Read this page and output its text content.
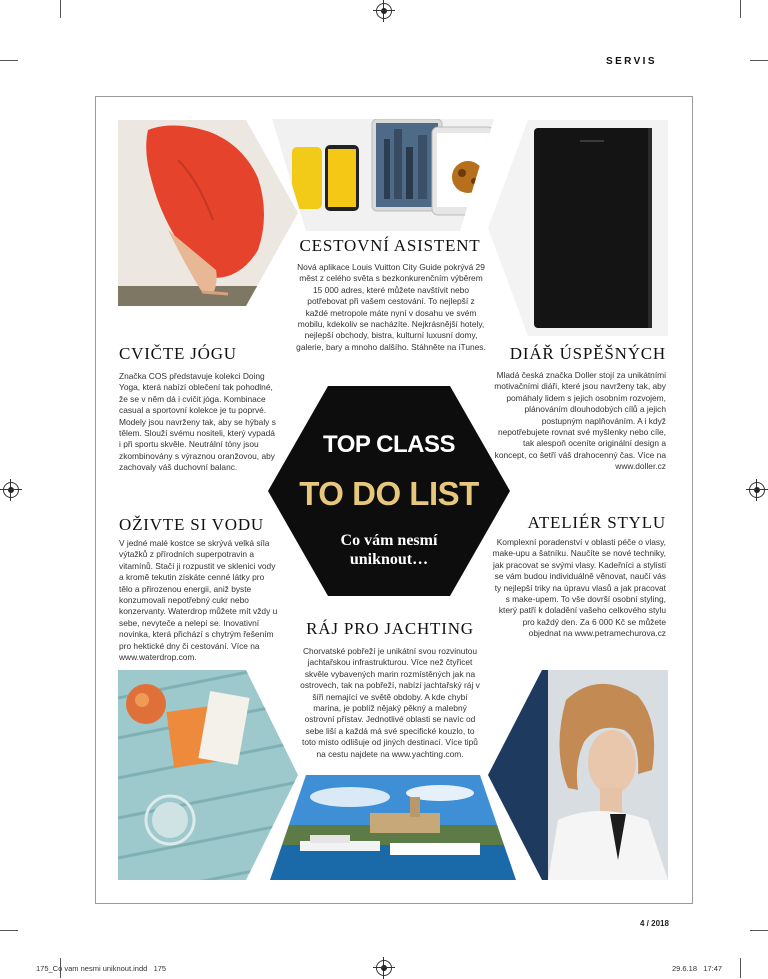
SERVIS
TOP CLASS
TO DO LIST
Co vám nesmí
uniknout…
CESTOVNÍ ASISTENT
Nová aplikace Louis Vuitton City Guide pokrývá 29 měst z celého světa s bezkonkurenčním výběrem 15 000 adres, které můžete navštívit nebo potřebovat při vašem cestování. To nejlepší z každé metropole máte nyní v dosahu ve svém mobilu, kdekoliv se nacházíte. Nejkrásnější hotely, nejlepší obchody, bistra, kulturní luxusní domy, galerie, bary a mnoho dalšího. Stáhněte na iTunes.
CVIČTE JÓGU
Značka COS představuje kolekci Doing Yoga, která nabízí oblečení tak pohodlné, že se v něm dá i cvičit jóga. Kombinace casual a sportovní kolekce je tu poprvé. Modely jsou navrženy tak, aby se hýbaly s tělem. Slouží svému nositeli, který vypadá i při sportu skvěle. Neutrální tóny jsou zkombinovány s výraznou oranžovou, aby zachovaly váš duchovní balanc.
DIÁŘ ÚSPĚŠNÝCH
Mladá česká značka Doller stojí za unikátními motivačními diáři, které jsou navrženy tak, aby pomáhaly lidem s jejich osobním rozvojem, plánováním dlouhodobých cílů a jejich postupným naplňováním. A i když nepotřebujete rovnat své myšlenky nebo cíle, tak alespoň oceníte originální design a koncept, co šetří váš drahocenný čas. Více na www.doller.cz
OŽIVTE SI VODU
V jedné malé kostce se skrývá velká síla výtažků z přírodních superpotravin a vitamínů. Stačí ji rozpustit ve sklenici vody a kromě tekutin získáte cenné látky pro tělo a přirozenou energii, aniž byste konzumovali nepotřebný cukr nebo konzervanty. Waterdrop můžete mít vždy u sebe, nevyteče a nelepí se. Inovativní novinka, která přichází s chytrým řešením pro hektické dny či cestování. Více na www.waterdrop.com.
ATELIÉR STYLU
Komplexní poradenství v oblasti péče o vlasy, make-upu a šatníku. Naučíte se nové techniky, jak pracovat se svými vlasy. Kadeřníci a stylisti se vám budou individuálně věnovat, naučí vás ty nejlepší triky na úpravu vlasů a jak pracovat s make-upem. To vše dovrší osobní styling, který patří k doladění vašeho celkového stylu pro každý den. Za 6 000 Kč se můžete objednat na www.petramechurova.cz
RÁJ PRO JACHTING
Chorvatské pobřeží je unikátní svou rozvinutou jachtařskou infrastrukturou. Více než čtyřicet skvěle vybavených marin rozmístěných jak na ostrovech, tak na pobřeží, nabízí jachtařský ráj v šíři nemající ve světě obdoby. A kde chybí marina, je poblíž nějaký pěkný a malebný ostrovní přístav. Jednotlivé oblasti se navíc od sebe liší a každá má své specifické kouzlo, to toto místo odlišuje od jiných destinací. Více tipů na cestu najdete na www.yachting.com.
4 / 2018
175_Co vam nesmi uniknout.indd   175	29.6.18   17:47
